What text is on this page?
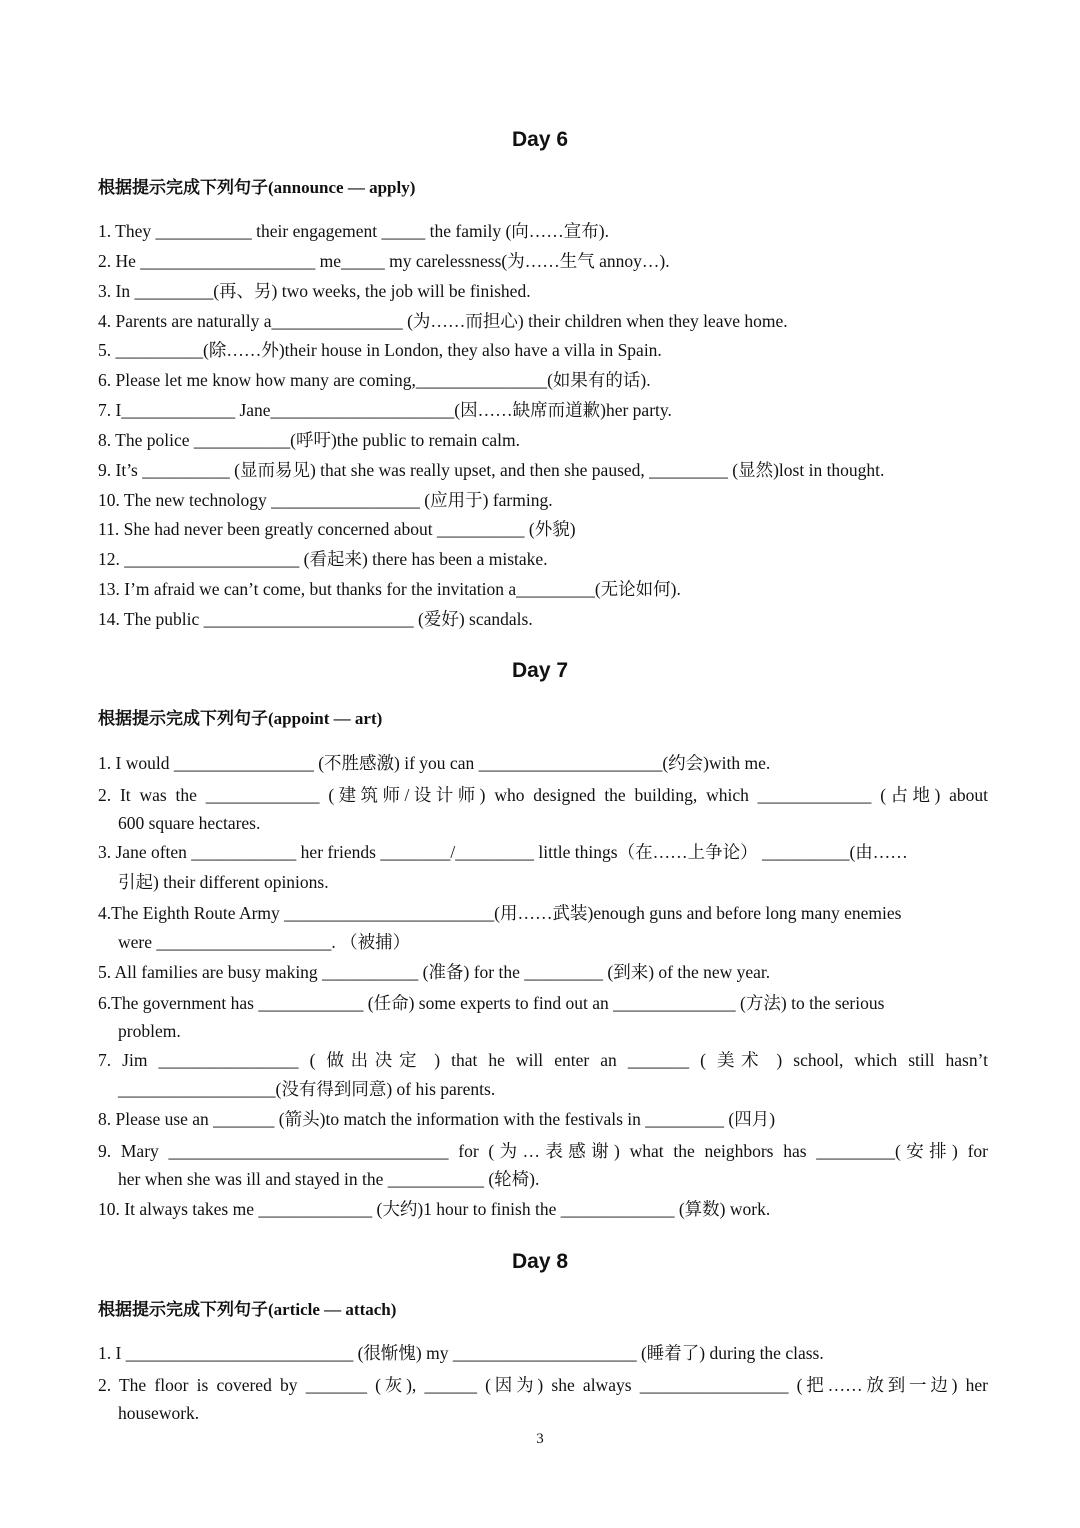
Day 6
根据提示完成下列句子(announce — apply)
1. They ___________ their engagement _____ the family (向……宣布).
2. He ____________________ me_____ my carelessness(为……生气 annoy…).
3. In _________(再、另) two weeks, the job will be finished.
4. Parents are naturally a_______________ (为……而担心) their children when they leave home.
5. __________(除……外)their house in London, they also have a villa in Spain.
6. Please let me know how many are coming,_______________(如果有的话).
7. I_____________ Jane_____________________(因……缺席而道歉)her party.
8. The police ___________(呼吁)the public to remain calm.
9. It’s __________ (显而易见) that she was really upset, and then she paused, _________ (显然)lost in thought.
10. The new technology _________________ (应用于) farming.
11. She had never been greatly concerned about __________ (外貌)
12. ____________________ (看起来) there has been a mistake.
13. I’m afraid we can’t come, but thanks for the invitation a_________(无论如何).
14. The public ________________________ (爱好) scandals.
Day 7
根据提示完成下列句子(appoint — art)
1. I would ________________ (不胜感激) if you can _____________________(约会)with me.
2. It was the _____________ (建筑师/设计师) who designed the building, which _____________ (占地) about
600 square hectares.
3. Jane often ____________ her friends ________/_________ little things（在……上争论） __________(由……
引起) their different opinions.
4.The Eighth Route Army ________________________(用……武装)enough guns and before long many enemies
were ____________________. （被捕）
5. All families are busy making ___________ (准备) for the _________ (到来) of the new year.
6.The government has ____________ (任命) some experts to find out an ______________ (方法) to the serious
problem.
7. Jim ________________ ( 做出决定 ) that he will enter an _______ ( 美术 ) school, which still hasn’t
__________________(没有得到同意) of his parents.
8. Please use an _______ (箭头)to match the information with the festivals in _________ (四月)
9. Mary ________________________________ for (为…表感谢) what the neighbors has _________(安排) for
her when she was ill and stayed in the ___________ (轮椅).
10. It always takes me _____________ (大约)1 hour to finish the _____________ (算数) work.
Day 8
根据提示完成下列句子(article — attach)
1. I __________________________ (很惭愧) my _____________________ (睡着了) during the class.
2. The floor is covered by _______ (灰), ______ (因为) she always _________________ (把……放到一边) her
housework.
3
